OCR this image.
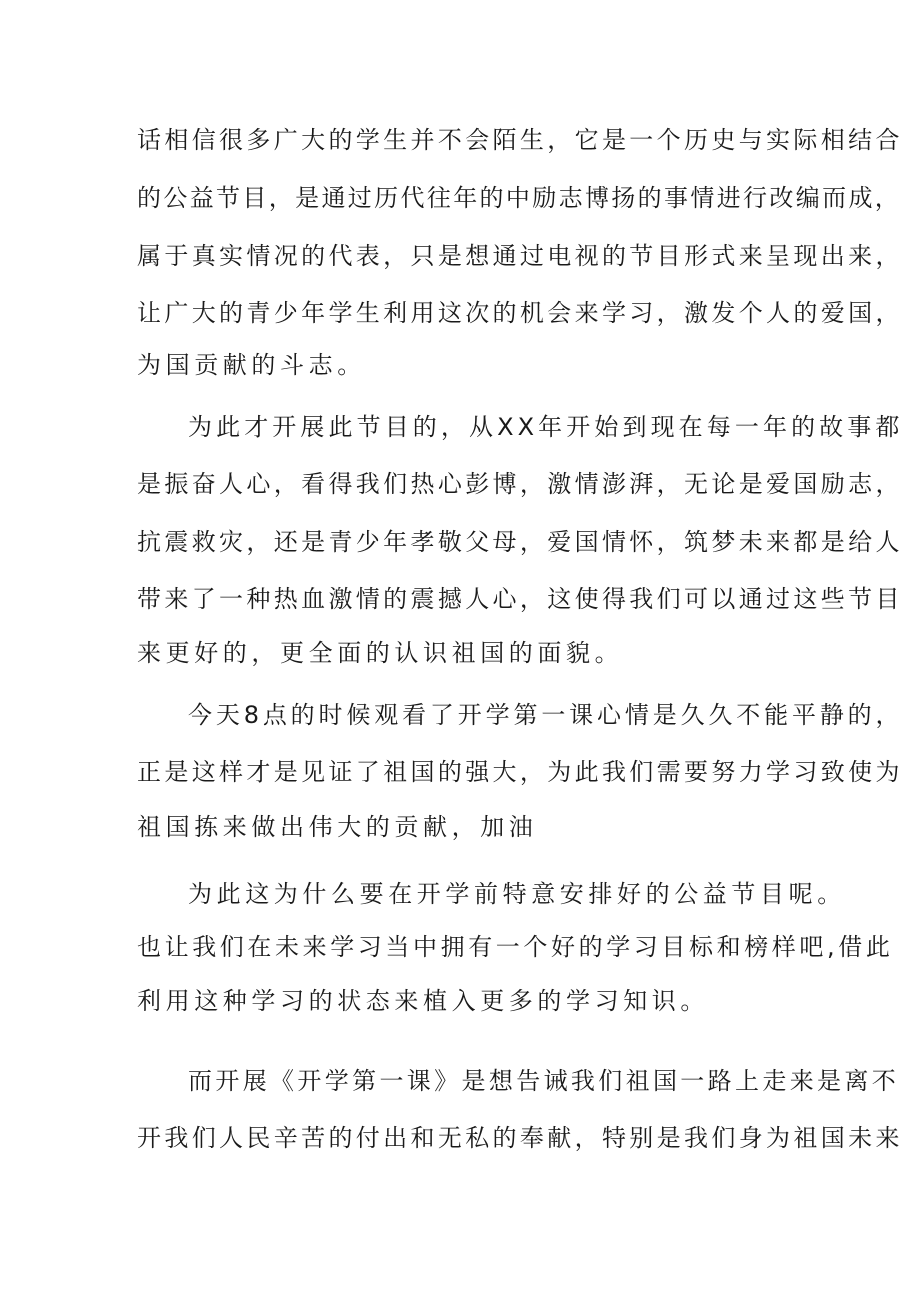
话相信很多广大的学生并不会陌生，它是一个历史与实际相结合
的公益节目，是通过历代往年的中励志博扬的事情进行改编而成，
属于真实情况的代表，只是想通过电视的节目形式来呈现出来，
让广大的青少年学生利用这次的机会来学习，激发个人的爱国，
为国贡献的斗志。
为此才开展此节目的，从XX年开始到现在每一年的故事都
是振奋人心，看得我们热心彭博，激情澎湃，无论是爱国励志，
抗震救灾，还是青少年孝敬父母，爱国情怀，筑梦未来都是给人
带来了一种热血激情的震撼人心，这使得我们可以通过这些节目
来更好的，更全面的认识祖国的面貌。
今天8点的时候观看了开学第一课心情是久久不能平静的，
正是这样才是见证了祖国的强大，为此我们需要努力学习致使为
祖国拣来做出伟大的贡献，加油
为此这为什么要在开学前特意安排好的公益节目呢。
也让我们在未来学习当中拥有一个好的学习目标和榜样吧,借此
利用这种学习的状态来植入更多的学习知识。
而开展《开学第一课》是想告诫我们祖国一路上走来是离不
开我们人民辛苦的付出和无私的奉献，特别是我们身为祖国未来
